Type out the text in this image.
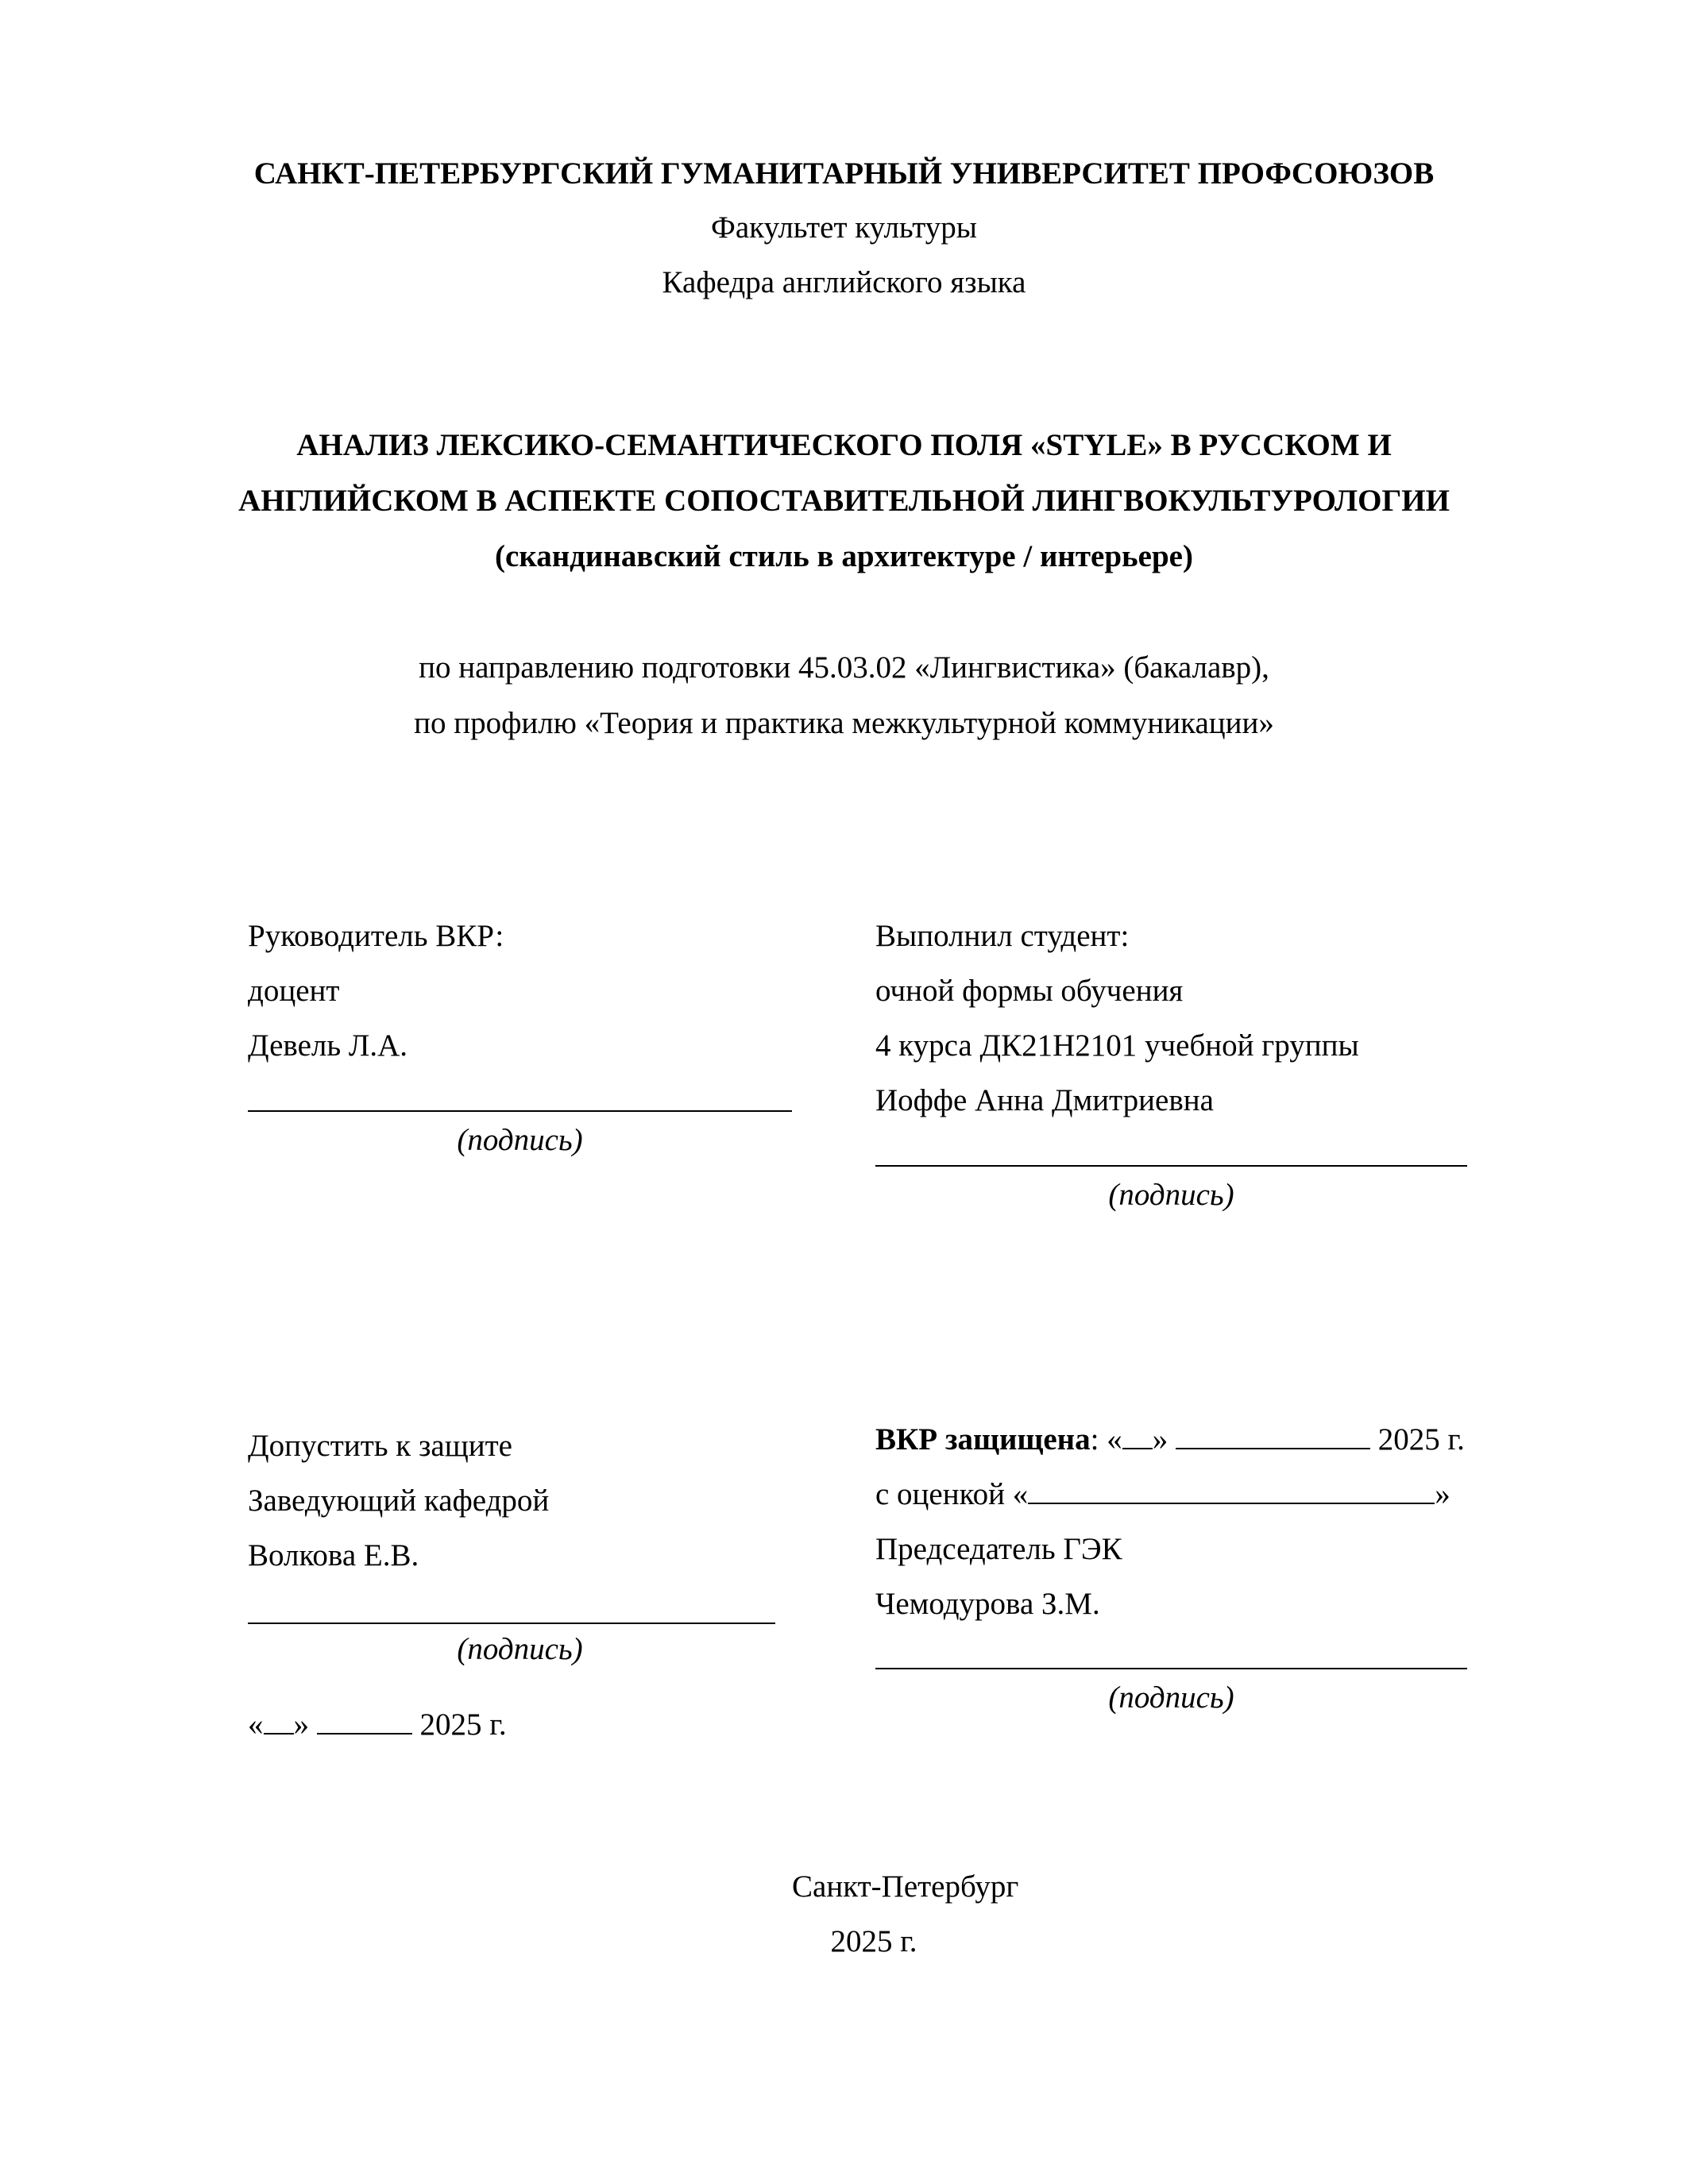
САНКТ-ПЕТЕРБУРГСКИЙ ГУМАНИТАРНЫЙ УНИВЕРСИТЕТ ПРОФСОЮЗОВ
Факультет культуры
Кафедра английского языка
АНАЛИЗ ЛЕКСИКО-СЕМАНТИЧЕСКОГО ПОЛЯ «STYLE» В РУССКОМ И
АНГЛИЙСКОМ В АСПЕКТЕ СОПОСТАВИТЕЛЬНОЙ ЛИНГВОКУЛЬТУРОЛОГИИ
(скандинавский стиль в архитектуре / интерьере)
по направлению подготовки 45.03.02 «Лингвистика» (бакалавр),
по профилю «Теория и практика межкультурной коммуникации»
Руководитель ВКР:
доцент
Девель Л.А.
(подпись)
Выполнил студент:
очной формы обучения
4 курса ДК21Н2101 учебной группы
Иоффе Анна Дмитриевна
(подпись)
Допустить к защите
Заведующий кафедрой
Волкова Е.В.
(подпись)
« »	2025 г.
ВКР защищена: « »	2025 г.
с оценкой «	»
Председатель ГЭК
Чемодурова З.М.
(подпись)
Санкт-Петербург
2025 г.
